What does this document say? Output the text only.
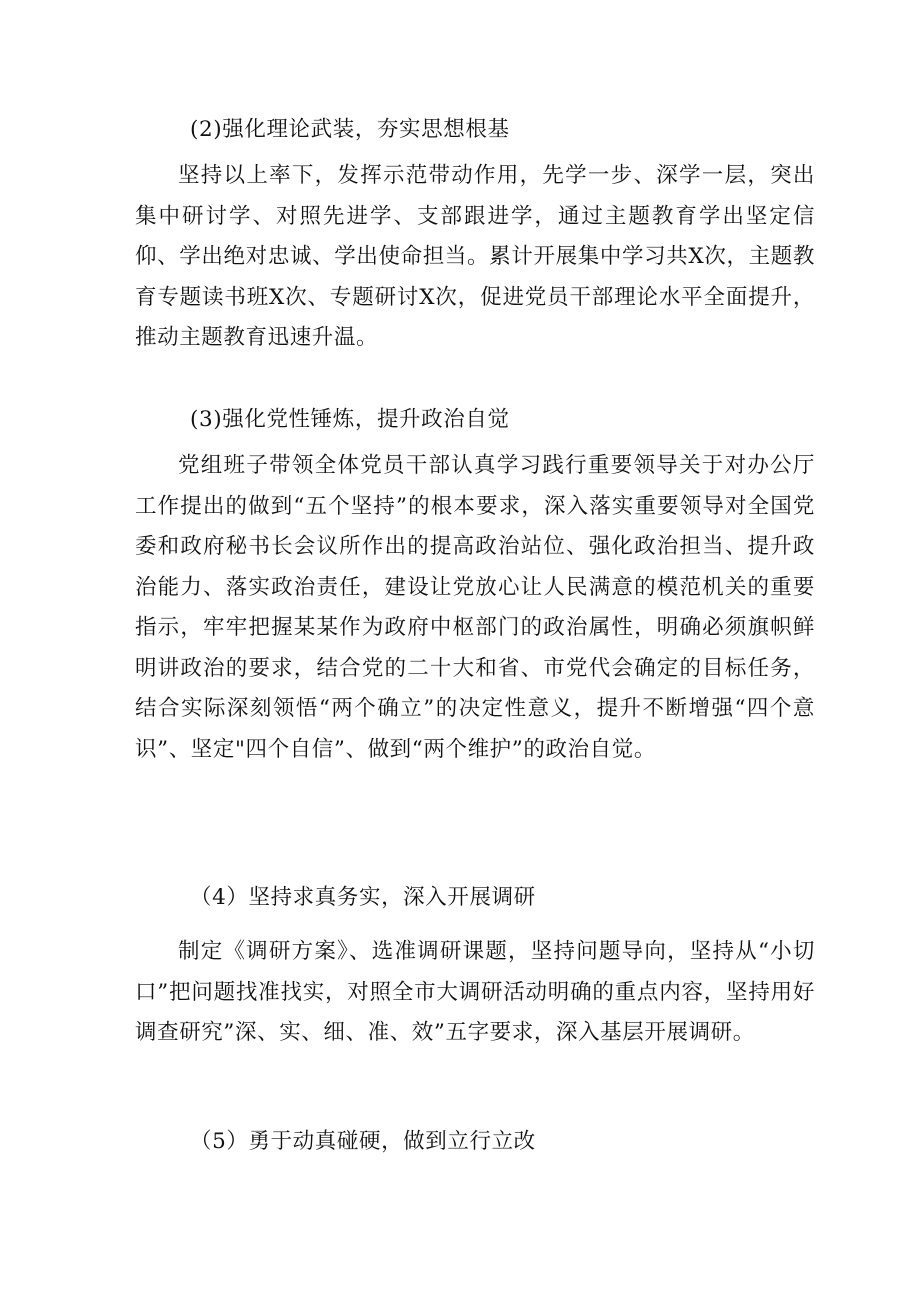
(2)强化理论武装，夯实思想根基
坚持以上率下，发挥示范带动作用，先学一步、深学一层，突出集中研讨学、对照先进学、支部跟进学，通过主题教育学出坚定信仰、学出绝对忠诚、学出使命担当。累计开展集中学习共X次，主题教育专题读书班X次、专题研讨X次，促进党员干部理论水平全面提升，推动主题教育迅速升温。
(3)强化党性锤炼，提升政治自觉
党组班子带领全体党员干部认真学习践行重要领导关于对办公厅工作提出的做到“五个坚持”的根本要求，深入落实重要领导对全国党委和政府秘书长会议所作出的提高政治站位、强化政治担当、提升政治能力、落实政治责任，建设让党放心让人民满意的模范机关的重要指示，牢牢把握某某作为政府中枢部门的政治属性，明确必须旗帜鲜明讲政治的要求，结合党的二十大和省、市党代会确定的目标任务，结合实际深刻领悟“两个确立”的决定性意义，提升不断增强“四个意识”、坚定"四个自信”、做到“两个维护”的政治自觉。
（4）坚持求真务实，深入开展调研
制定《调研方案》、选准调研课题，坚持问题导向，坚持从“小切口”把问题找准找实，对照全市大调研活动明确的重点内容，坚持用好调查研究”深、实、细、准、效”五字要求，深入基层开展调研。
（5）勇于动真碰硬，做到立行立改
